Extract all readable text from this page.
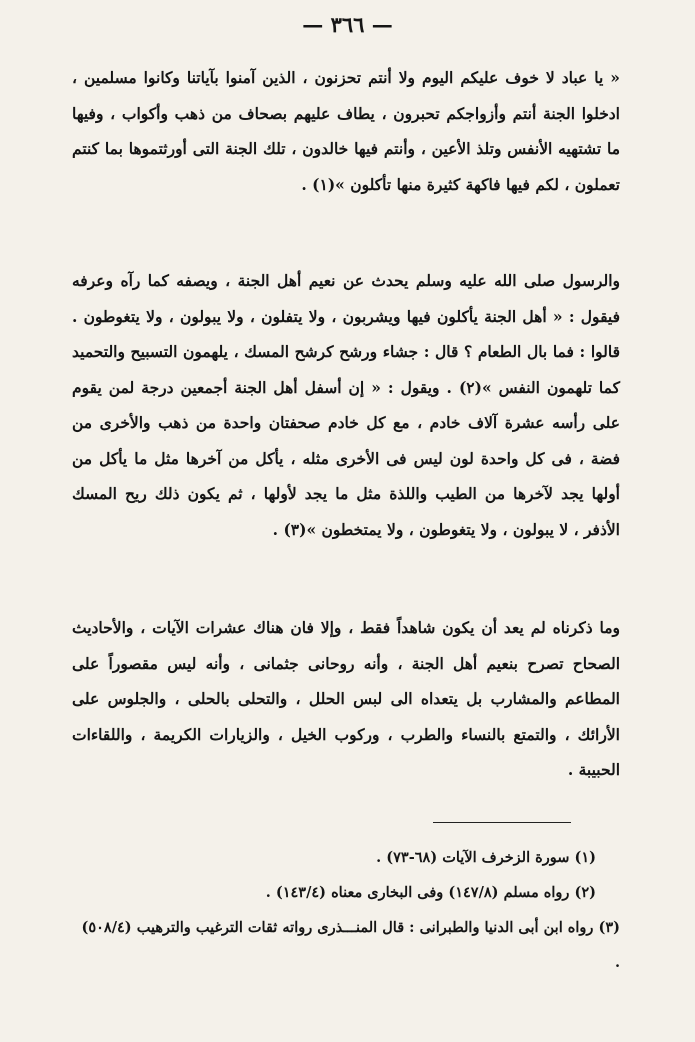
— ٣٦٦ —

« يا عباد لا خوف عليكم اليوم ولا أنتم تحزنون ، الذين آمنوا بآياتنا وكانوا مسلمين ، ادخلوا الجنة أنتم وأزواجكم تحبرون ، يطاف عليهم بصحاف من ذهب وأكواب ، وفيها ما تشتهيه الأنفس وتلذ الأعين ، وأنتم فيها خالدون ، تلك الجنة التى أورثتموها بما كنتم تعملون ، لكم فيها فاكهة كثيرة منها تأكلون »(١) .

والرسول صلى الله عليه وسلم يحدث عن نعيم أهل الجنة ، ويصفه كما رآه وعرفه فيقول : « أهل الجنة يأكلون فيها ويشربون ، ولا يتفلون ، ولا يبولون ، ولا يتغوطون . قالوا : فما بال الطعام ؟ قال : جشاء ورشح كرشح المسك ، يلهمون التسبيح والتحميد كما تلهمون النفس »(٢) . ويقول : « إن أسفل أهل الجنة أجمعين درجة لمن يقوم على رأسه عشرة آلاف خادم ، مع كل خادم صحفتان واحدة من ذهب والأخرى من فضة ، فى كل واحدة لون ليس فى الأخرى مثله ، يأكل من آخرها مثل ما يأكل من أولها يجد لآخرها من الطيب واللذة مثل ما يجد لأولها ، ثم يكون ذلك ريح المسك الأذفر ، لا يبولون ، ولا يتغوطون ، ولا يمتخطون »(٣) .

وما ذكرناه لم يعد أن يكون شاهداً فقط ، وإلا فان هناك عشرات الآيات ، والأحاديث الصحاح تصرح بنعيم أهل الجنة ، وأنه روحانى جثمانى ، وأنه ليس مقصوراً على المطاعم والمشارب بل يتعداه الى لبس الحلل ، والتحلى بالحلى ، والجلوس على الأرائك ، والتمتع بالنساء والطرب ، وركوب الخيل ، والزيارات الكريمة ، واللقاءات الحبيبة .

(١) سورة الزخرف الآيات (٦٨-٧٣) .
(٢) رواه مسلم (١٤٧/٨) وفى البخارى معناه (١٤٣/٤) .
(٣) رواه ابن أبى الدنيا والطبرانى : قال المنـــذرى رواته ثقات الترغيب والترهيب (٥٠٨/٤) .
